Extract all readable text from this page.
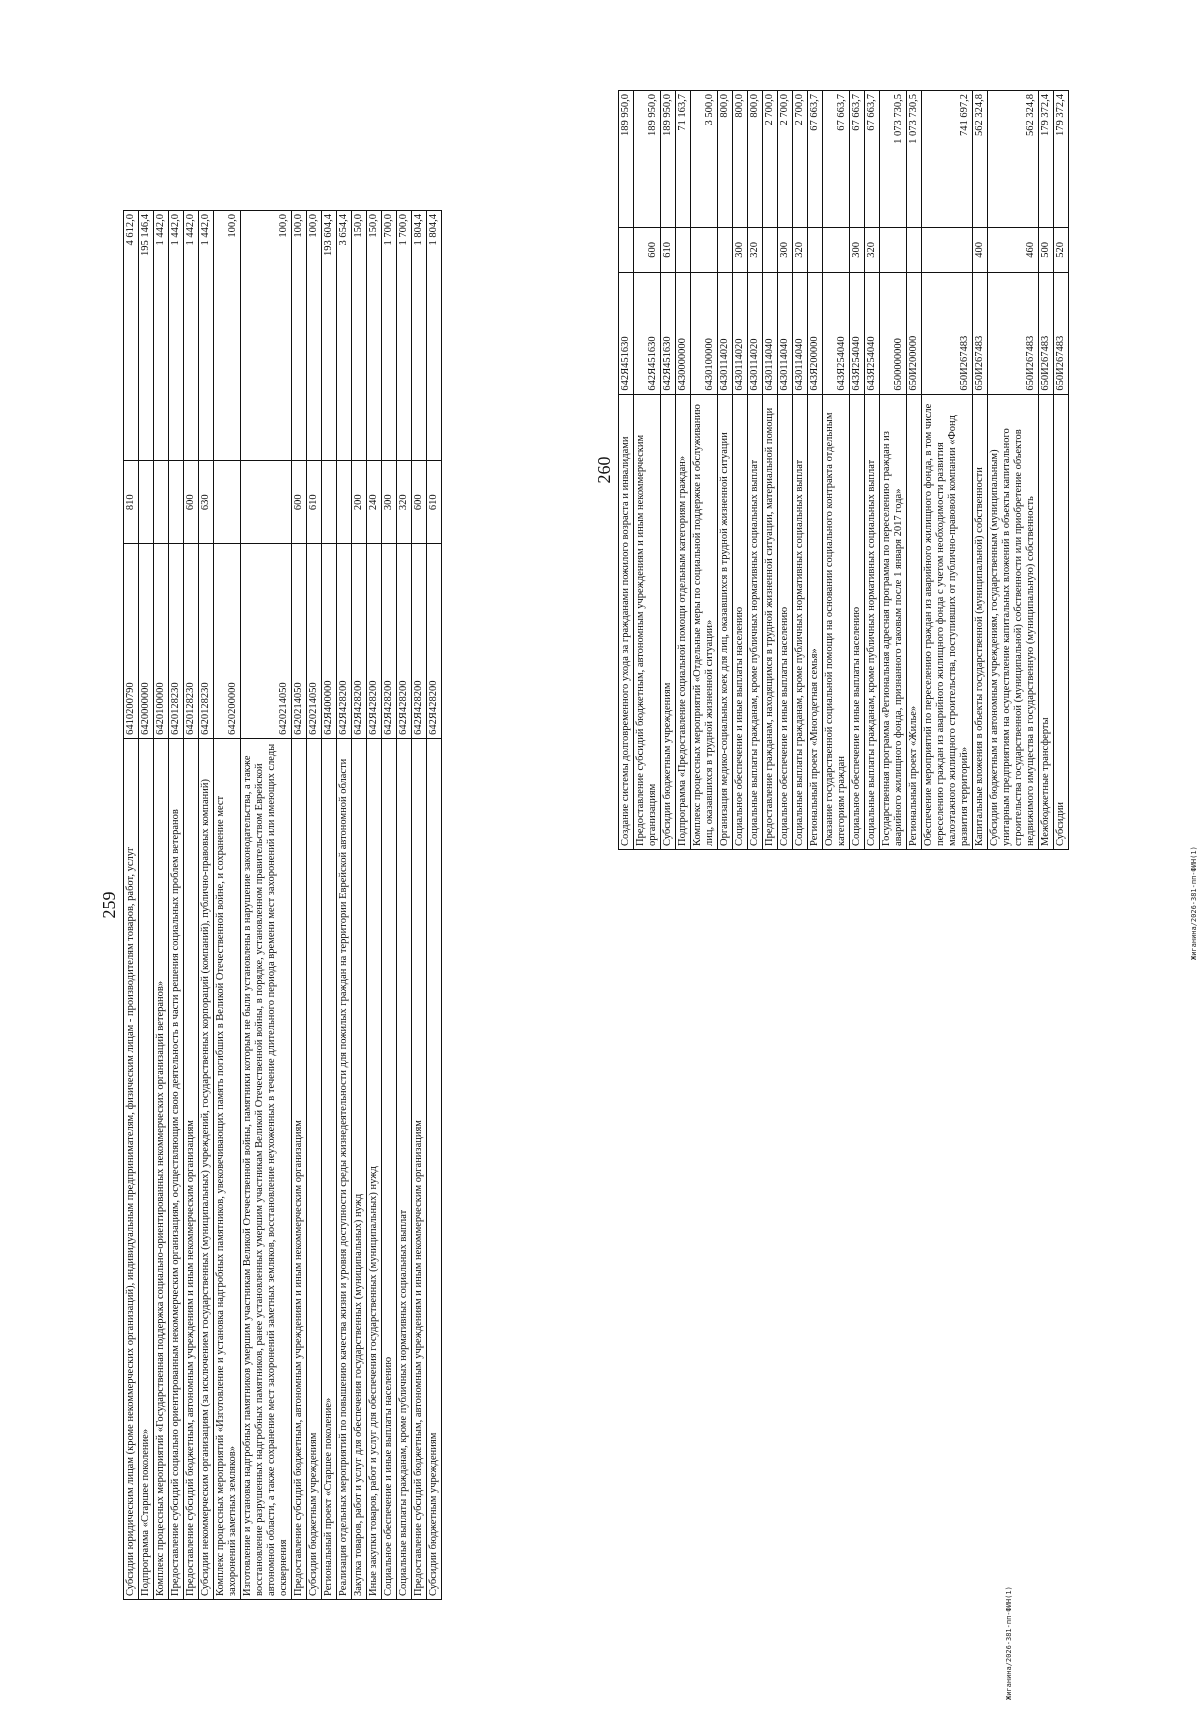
259 Субсидии юридическим лицам (кроме некоммерческих организаций), индивидуальным предпринимателям, физическим лицам - производителям товаров, работ, услуг	6410200790	810	4 612,0
Подпрограмма «Старшее поколение»	6420000000		195 146,4
Комплекс процессных мероприятий «Государственная поддержка социально-ориентированных некоммерческих организаций ветеранов»	6420100000		1 442,0
Предоставление субсидий социально ориентированным некоммерческим организациям, осуществляющим свою деятельность в части решения социальных проблем ветеранов	6420128230		1 442,0
Предоставление субсидий бюджетным, автономным учреждениям и иным некоммерческим организациям	6420128230	600	1 442,0
Субсидии некоммерческим организациям (за исключением государственных (муниципальных) учреждений, государственных корпораций (компаний), публично-правовых компаний)	6420128230	630	1 442,0
Комплекс процессных мероприятий «Изготовление и установка надгробных памятников, увековечивающих память погибших в Великой Отечественной войне, и сохранение мест захоронений заметных земляков»	6420200000		100,0
Изготовление и установка надгробных памятников умершим участникам Великой Отечественной войны, памятники которым не были установлены в нарушение законодательства, а также восстановление разрушенных надгробных памятников, ранее установленных умершим участникам Великой Отечественной войны, в порядке, установленном правительством Еврейской автономной области, а также сохранение мест захоронений заметных земляков, восстановление неухоженных в течение длительного периода времени мест захоронений или имеющих следы осквернения	6420214050		100,0
Предоставление субсидий бюджетным, автономным учреждениям и иным некоммерческим организациям	6420214050	600	100,0
Субсидии бюджетным учреждениям	6420214050	610	100,0
Региональный проект «Старшее поколение»	642Я400000		193 604,4
Реализация отдельных мероприятий по повышению качества жизни и уровня доступности среды жизнедеятельности для пожилых граждан на территории Еврейской автономной области	642Я428200		3 654,4
Закупка товаров, работ и услуг для обеспечения государственных (муниципальных) нужд	642Я428200	200	150,0
Иные закупки товаров, работ и услуг для обеспечения государственных (муниципальных) нужд	642Я428200	240	150,0
Социальное обеспечение и иные выплаты населению	642Я428200	300	1 700,0
Социальные выплаты гражданам, кроме публичных нормативных социальных выплат	642Я428200	320	1 700,0
Предоставление субсидий бюджетным, автономным учреждениям и иным некоммерческим организациям	642Я428200	600	1 804,4
Субсидии бюджетным учреждениям	642Я428200	610	1 804,4
Жиганина/2026-381-пп-ФИН(1)
260 Создание системы долговременного ухода за гражданами пожилого возраста и инвалидами	642Я451630		189 950,0
Предоставление субсидий бюджетным, автономным учреждениям и иным некоммерческим организациям	642Я451630	600	189 950,0
Субсидии бюджетным учреждениям	642Я451630	610	189 950,0
Подпрограмма «Предоставление социальной помощи отдельным категориям граждан»	6430000000		71 163,7
Комплекс процессных мероприятий «Отдельные меры по социальной поддержке и обслуживанию лиц, оказавшихся в трудной жизненной ситуации»	6430100000		3 500,0
Организация медико-социальных коек для лиц, оказавшихся в трудной жизненной ситуации	6430114020		800,0
Социальное обеспечение и иные выплаты населению	6430114020	300	800,0
Социальные выплаты гражданам, кроме публичных нормативных социальных выплат	6430114020	320	800,0
Предоставление гражданам, находящимся в трудной жизненной ситуации, материальной помощи	6430114040		2 700,0
Социальное обеспечение и иные выплаты населению	6430114040	300	2 700,0
Социальные выплаты гражданам, кроме публичных нормативных социальных выплат	6430114040	320	2 700,0
Региональный проект «Многодетная семья»	643Я200000		67 663,7
Оказание государственной социальной помощи на основании социального контракта отдельным категориям граждан	643Я254040		67 663,7
Социальное обеспечение и иные выплаты населению	643Я254040	300	67 663,7
Социальные выплаты гражданам, кроме публичных нормативных социальных выплат	643Я254040	320	67 663,7
Государственная программа «Региональная адресная программа по переселению граждан из аварийного жилищного фонда, признанного таковым после 1 января 2017 года»	6500000000		1 073 730,5
Региональный проект «Жилье»	650И200000		1 073 730,5
Обеспечение мероприятий по переселению граждан из аварийного жилищного фонда, в том числе переселению граждан из аварийного жилищного фонда с учетом необходимости развития малоэтажного жилищного строительства, поступивших от публично-правовой компании «Фонд развития территорий»	650И267483		741 697,2
Капитальные вложения в объекты государственной (муниципальной) собственности	650И267483	400	562 324,8
Субсидии бюджетным и автономным учреждениям, государственным (муниципальным) унитарным предприятиям на осуществление капитальных вложений в объекты капитального строительства государственной (муниципальной) собственности или приобретение объектов недвижимого имущества в государственную (муниципальную) собственность	650И267483	460	562 324,8
Межбюджетные трансферты	650И267483	500	179 372,4
Субсидии	650И267483	520	179 372,4
Жиганина/2026-381-пп-ФИН(1)
